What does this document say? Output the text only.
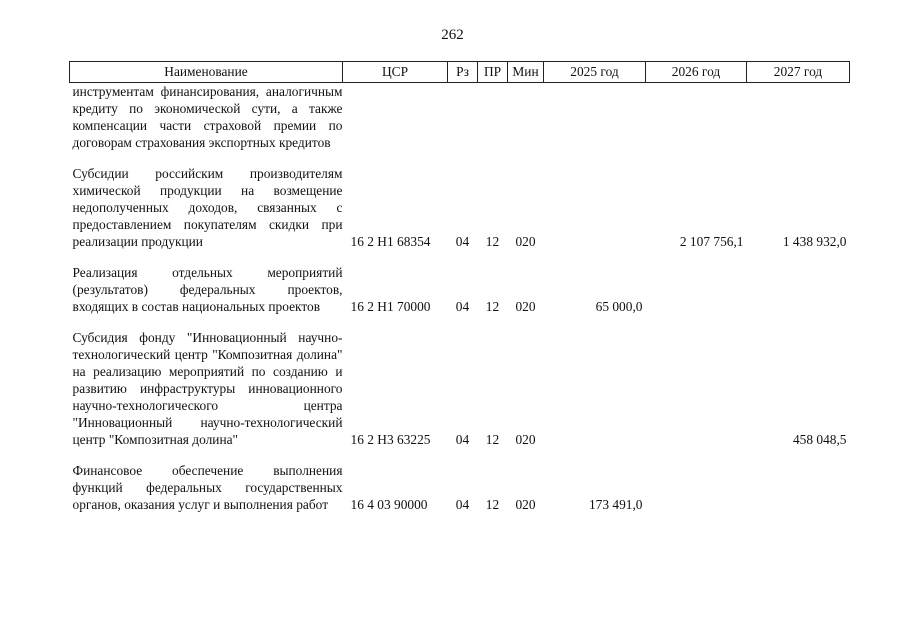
262
Наименование	ЦСР	Рз	ПР	Мин	2025 год	2026 год	2027 год
инструментам финансирования, аналогичным кредиту по экономической сути, а также компенсации части страховой премии по договорам страхования экспортных кредитов							

Субсидии российским производителям химической продукции на возмещение недополученных доходов, связанных с предоставлением покупателям скидки при реализации продукции	16 2 Н1 68354	04	12	020		2 107 756,1	1 438 932,0

Реализация отдельных мероприятий (результатов) федеральных проектов, входящих в состав национальных проектов	16 2 Н1 70000	04	12	020	65 000,0		

Субсидия фонду "Инновационный научно-технологический центр "Композитная долина" на реализацию мероприятий по созданию и развитию инфраструктуры инновационного научно-технологического центра "Инновационный научно-технологический центр "Композитная долина"	16 2 Н3 63225	04	12	020			458 048,5

Финансовое обеспечение выполнения функций федеральных государственных органов, оказания услуг и выполнения работ	16 4 03 90000	04	12	020	173 491,0		
